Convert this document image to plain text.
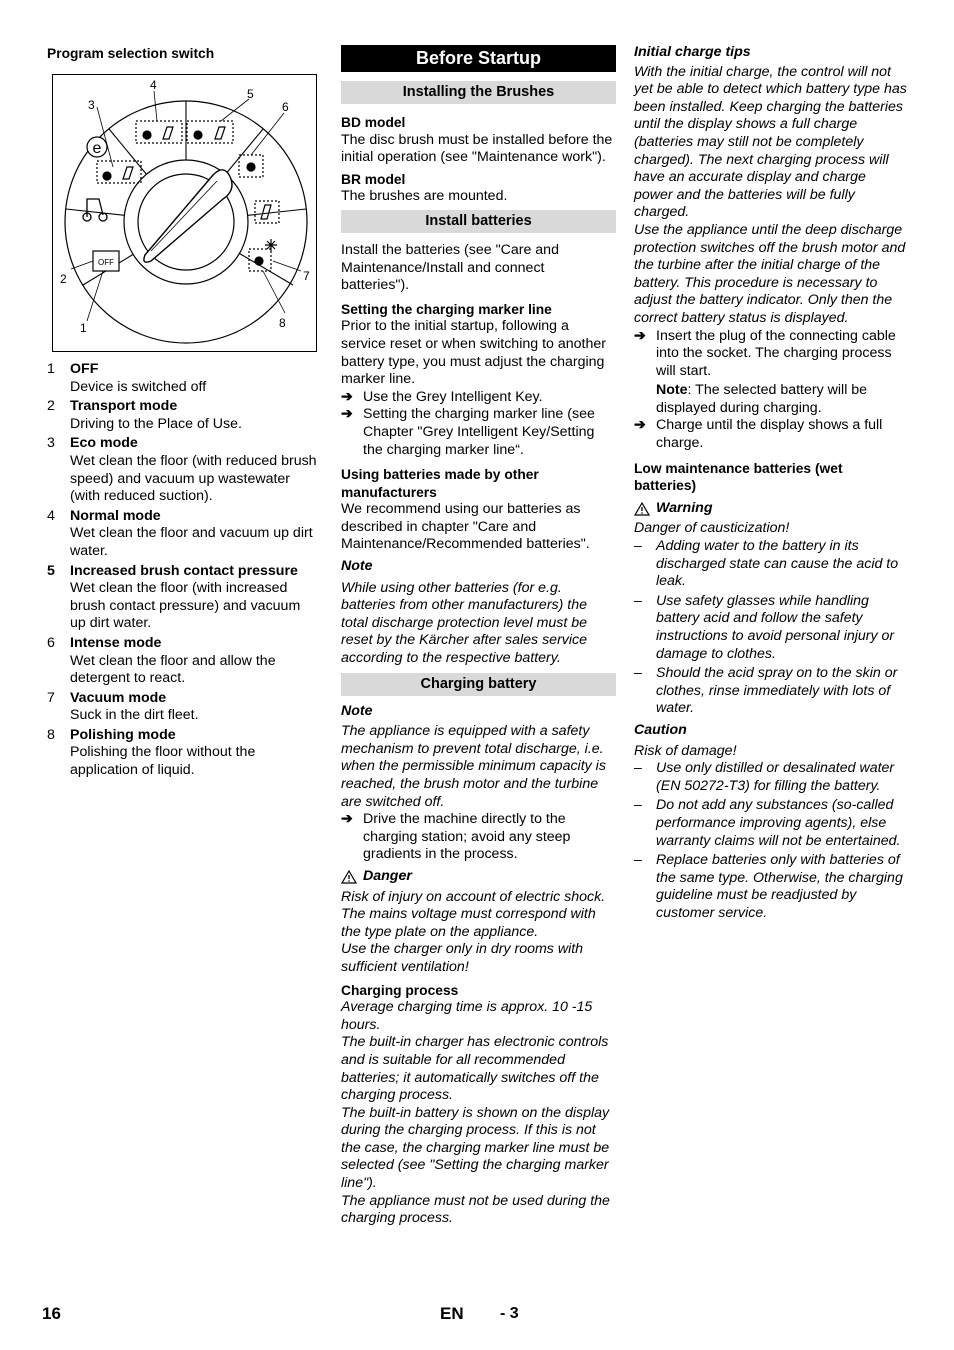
Program selection switch

OFF
e
1
2
3
4
5
6
7
8
1	OFF
Device is switched off
2	Transport mode
Driving to the Place of Use.
3	Eco mode
Wet clean the floor (with reduced brush speed) and vacuum up wastewater (with reduced suction).
4	Normal mode
Wet clean the floor and vacuum up dirt water.
5	Increased brush contact pressure
Wet clean the floor (with increased brush contact pressure) and vacuum up dirt water.
6	Intense mode
Wet clean the floor and allow the detergent to react.
7	Vacuum mode
Suck in the dirt fleet.
8	Polishing mode
Polishing the floor without the application of liquid.
Before Startup
Installing the Brushes

BD model

The disc brush must be installed before the initial operation (see "Maintenance work").

BR model

The brushes are mounted.

Install batteries

Install the batteries (see "Care and Maintenance/Install and connect batteries").

Setting the charging marker line

Prior to the initial startup, following a service reset or when switching to another battery type, you must adjust the charging marker line.

➔ Use the Grey Intelligent Key.
➔ Setting the charging marker line (see Chapter "Grey Intelligent Key/Setting the charging marker line“.

Using batteries made by other manufacturers

We recommend using our batteries as described in chapter "Care and Maintenance/Recommended batteries".

Note

While using other batteries (for e.g. batteries from other manufacturers) the total discharge protection level must be reset by the Kärcher after sales service according to the respective battery.

Charging battery

Note

The appliance is equipped with a safety mechanism to prevent total discharge, i.e. when the permissible minimum capacity is reached, the brush motor and the turbine are switched off.

➔ Drive the machine directly to the charging station; avoid any steep gradients in the process.
Danger

Risk of injury on account of electric shock. The mains voltage must correspond with the type plate on the appliance.

Use the charger only in dry rooms with sufficient ventilation!

Charging process

Average charging time is approx. 10 -15 hours.

The built-in charger has electronic controls and is suitable for all recommended batteries; it automatically switches off the charging process.

The built-in battery is shown on the display during the charging process. If this is not the case, the charging marker line must be selected (see "Setting the charging marker line").

The appliance must not be used during the charging process.

Initial charge tips

With the initial charge, the control will not yet be able to detect which battery type has been installed. Keep charging the batteries until the display shows a full charge (batteries may still not be completely charged). The next charging process will have an accurate display and charge power and the batteries will be fully charged.

Use the appliance until the deep discharge protection switches off the brush motor and the turbine after the initial charge of the battery. This procedure is necessary to adjust the battery indicator. Only then the correct battery status is displayed.

➔ Insert the plug of the connecting cable into the socket. The charging process will start.

Note: The selected battery will be displayed during charging.

➔ Charge until the display shows a full charge.

Low maintenance batteries (wet batteries)

Warning

Danger of causticization!

– Adding water to the battery in its discharged state can cause the acid to leak.
– Use safety glasses while handling battery acid and follow the safety instructions to avoid personal injury or damage to clothes.
– Should the acid spray on to the skin or clothes, rinse immediately with lots of water.

Caution

Risk of damage!

– Use only distilled or desalinated water (EN 50272-T3) for filling the battery.
– Do not add any substances (so-called performance improving agents), else warranty claims will not be entertained.
– Replace batteries only with batteries of the same type. Otherwise, the charging guideline must be readjusted by customer service.
16	EN - 3
